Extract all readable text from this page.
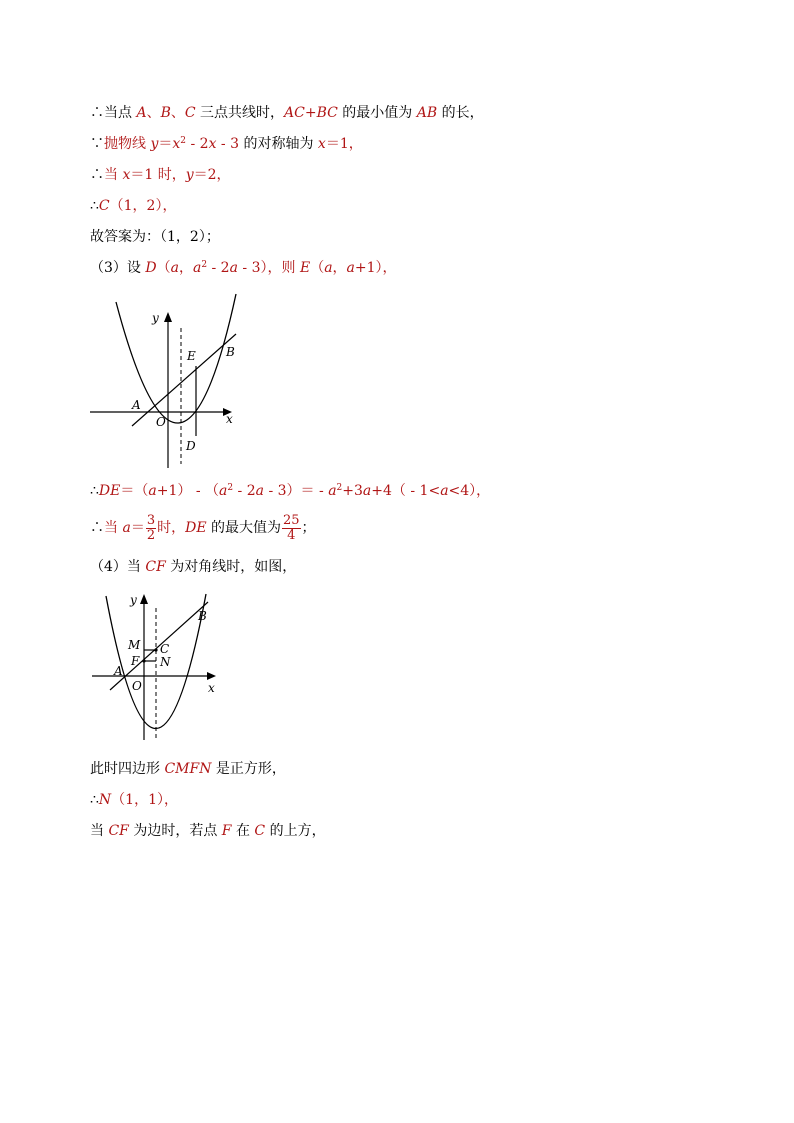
∴当点 A、B、C 三点共线时，AC+BC 的最小值为 AB 的长，
∵抛物线 $y=x^2 - 2x - 3$ 的对称轴为 x＝1，
∴当 x＝1 时，y＝2，
∴C（1，2），
故答案为：（1，2）；
（3）设 D（a，$a^2 - 2a - 3$），则 E（a，a+1），
y
x
E	B
A
O
D
∴DE＝（a+1） - $(a^2 - 2a - 3)= - a^2+3a+4( - 1<a<4)$，
∴当 $a= \frac{3}{2}$ 时，DE 的最大值为 $\frac{25}{4}$ ；
（4）当 CF 为对角线时，如图，
y
x
B
M C
F N
A
O
此时四边形 CMFN 是正方形，
∴N（1，1），
当 CF 为边时，若点 F 在 C 的上方，
